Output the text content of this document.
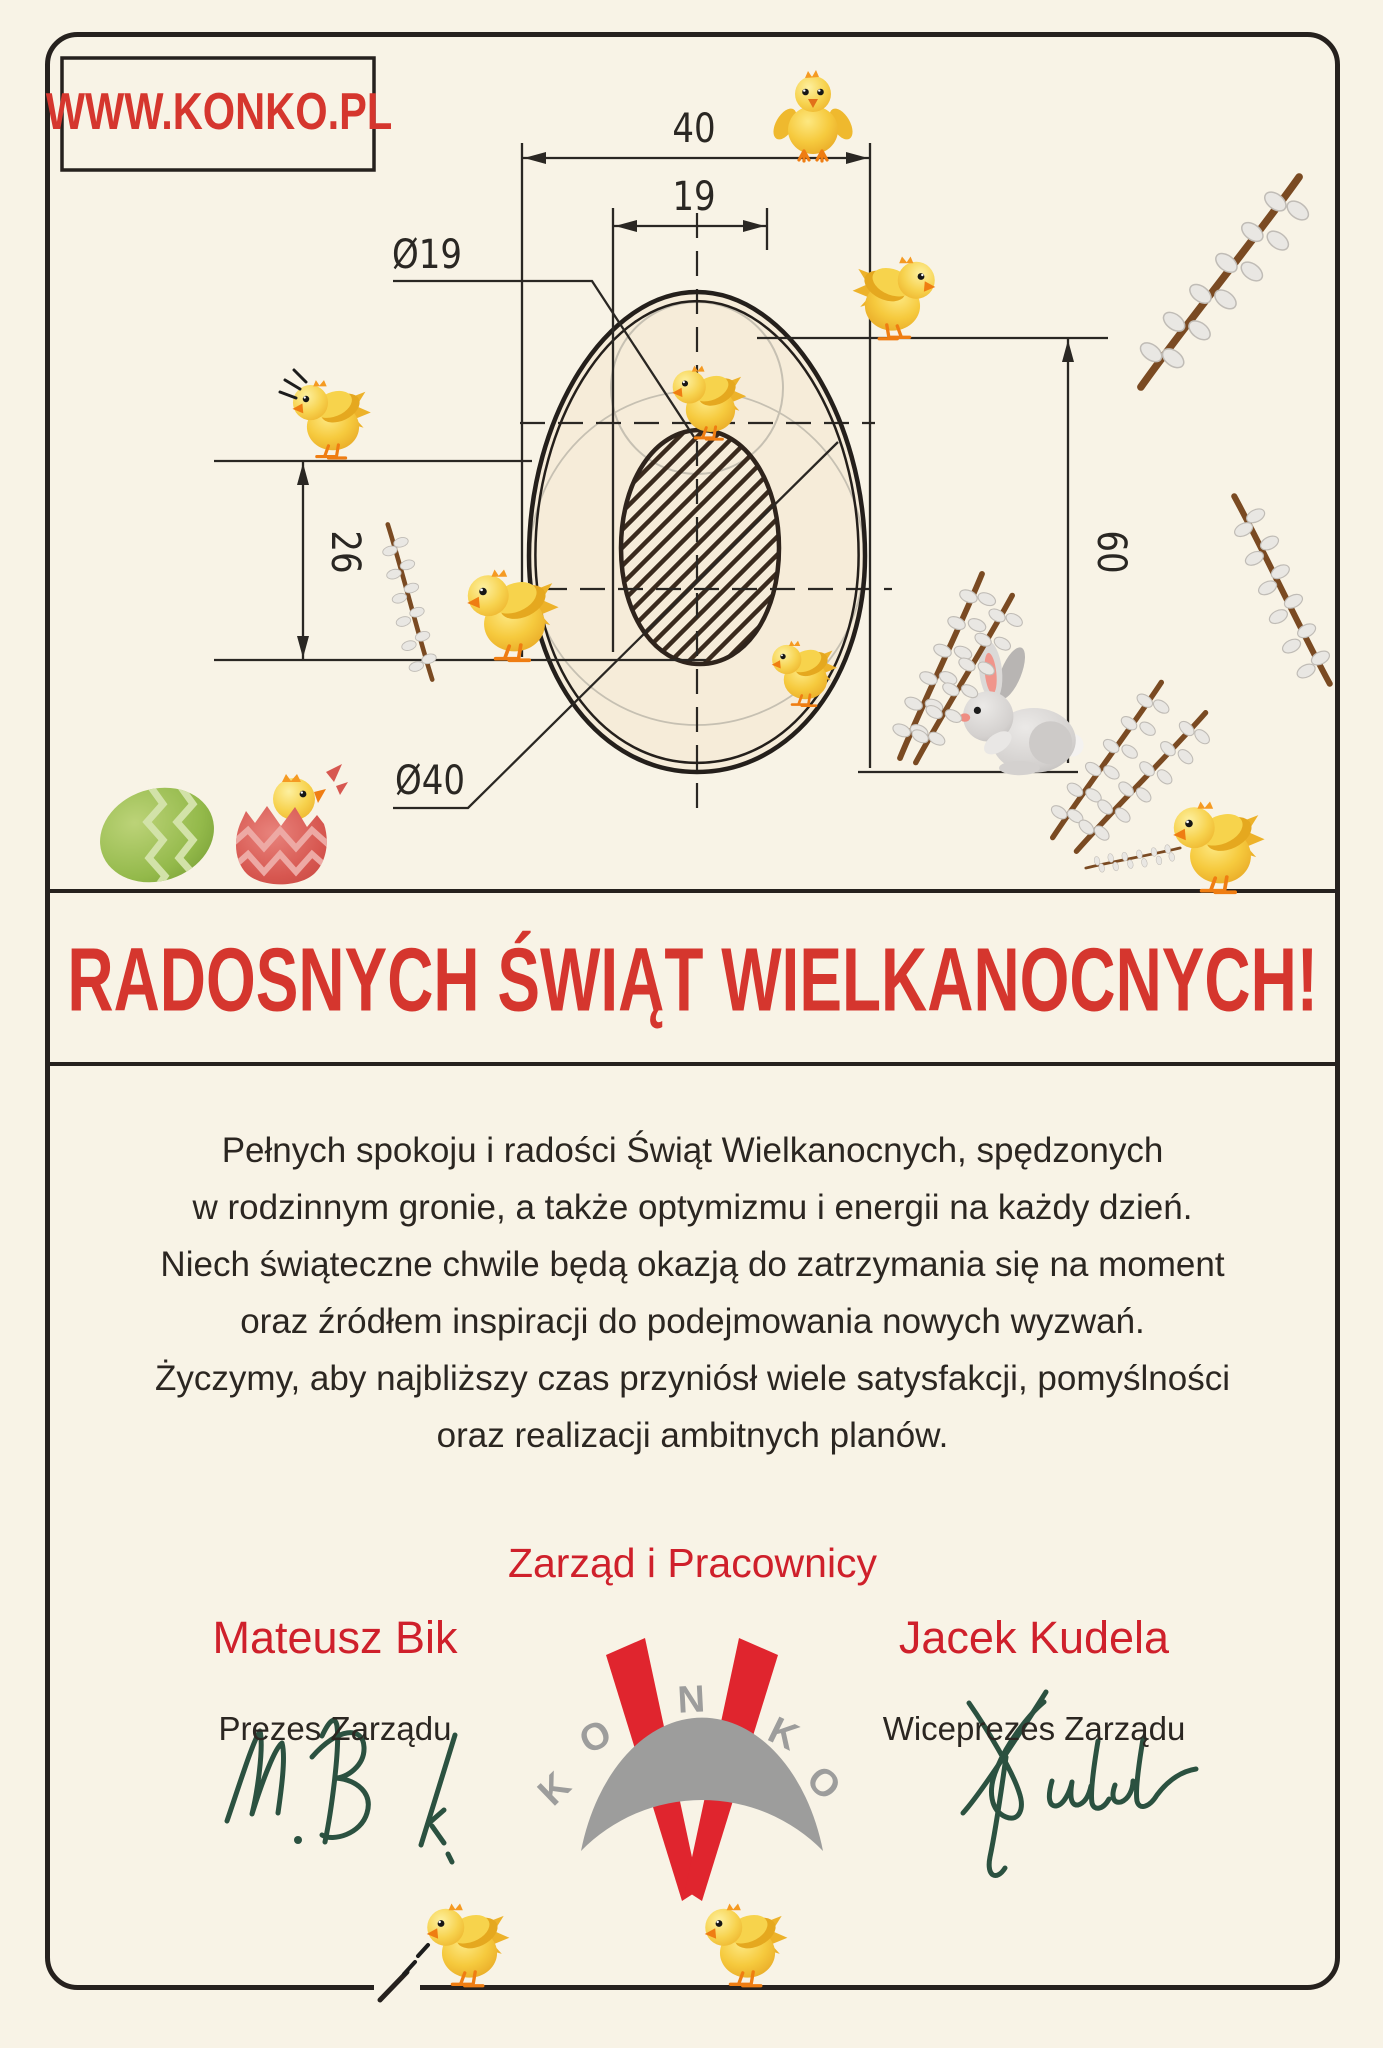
WWW.KONKO.PL	40
19
Ø19
Ø40
26	60
K
O
N
K
O
RADOSNYCH ŚWIĄT WIELKANOCNYCH!
Pełnych spokoju i radości Świąt Wielkanocnych, spędzonych
w rodzinnym gronie, a także optymizmu i energii na każdy dzień.
Niech świąteczne chwile będą okazją do zatrzymania się na moment
oraz źródłem inspiracji do podejmowania nowych wyzwań.
Życzymy, aby najbliższy czas przyniósł wiele satysfakcji, pomyślności
oraz realizacji ambitnych planów.
Zarząd i Pracownicy
Mateusz Bik
Prezes Zarządu
Jacek Kudela
Wiceprezes Zarządu
